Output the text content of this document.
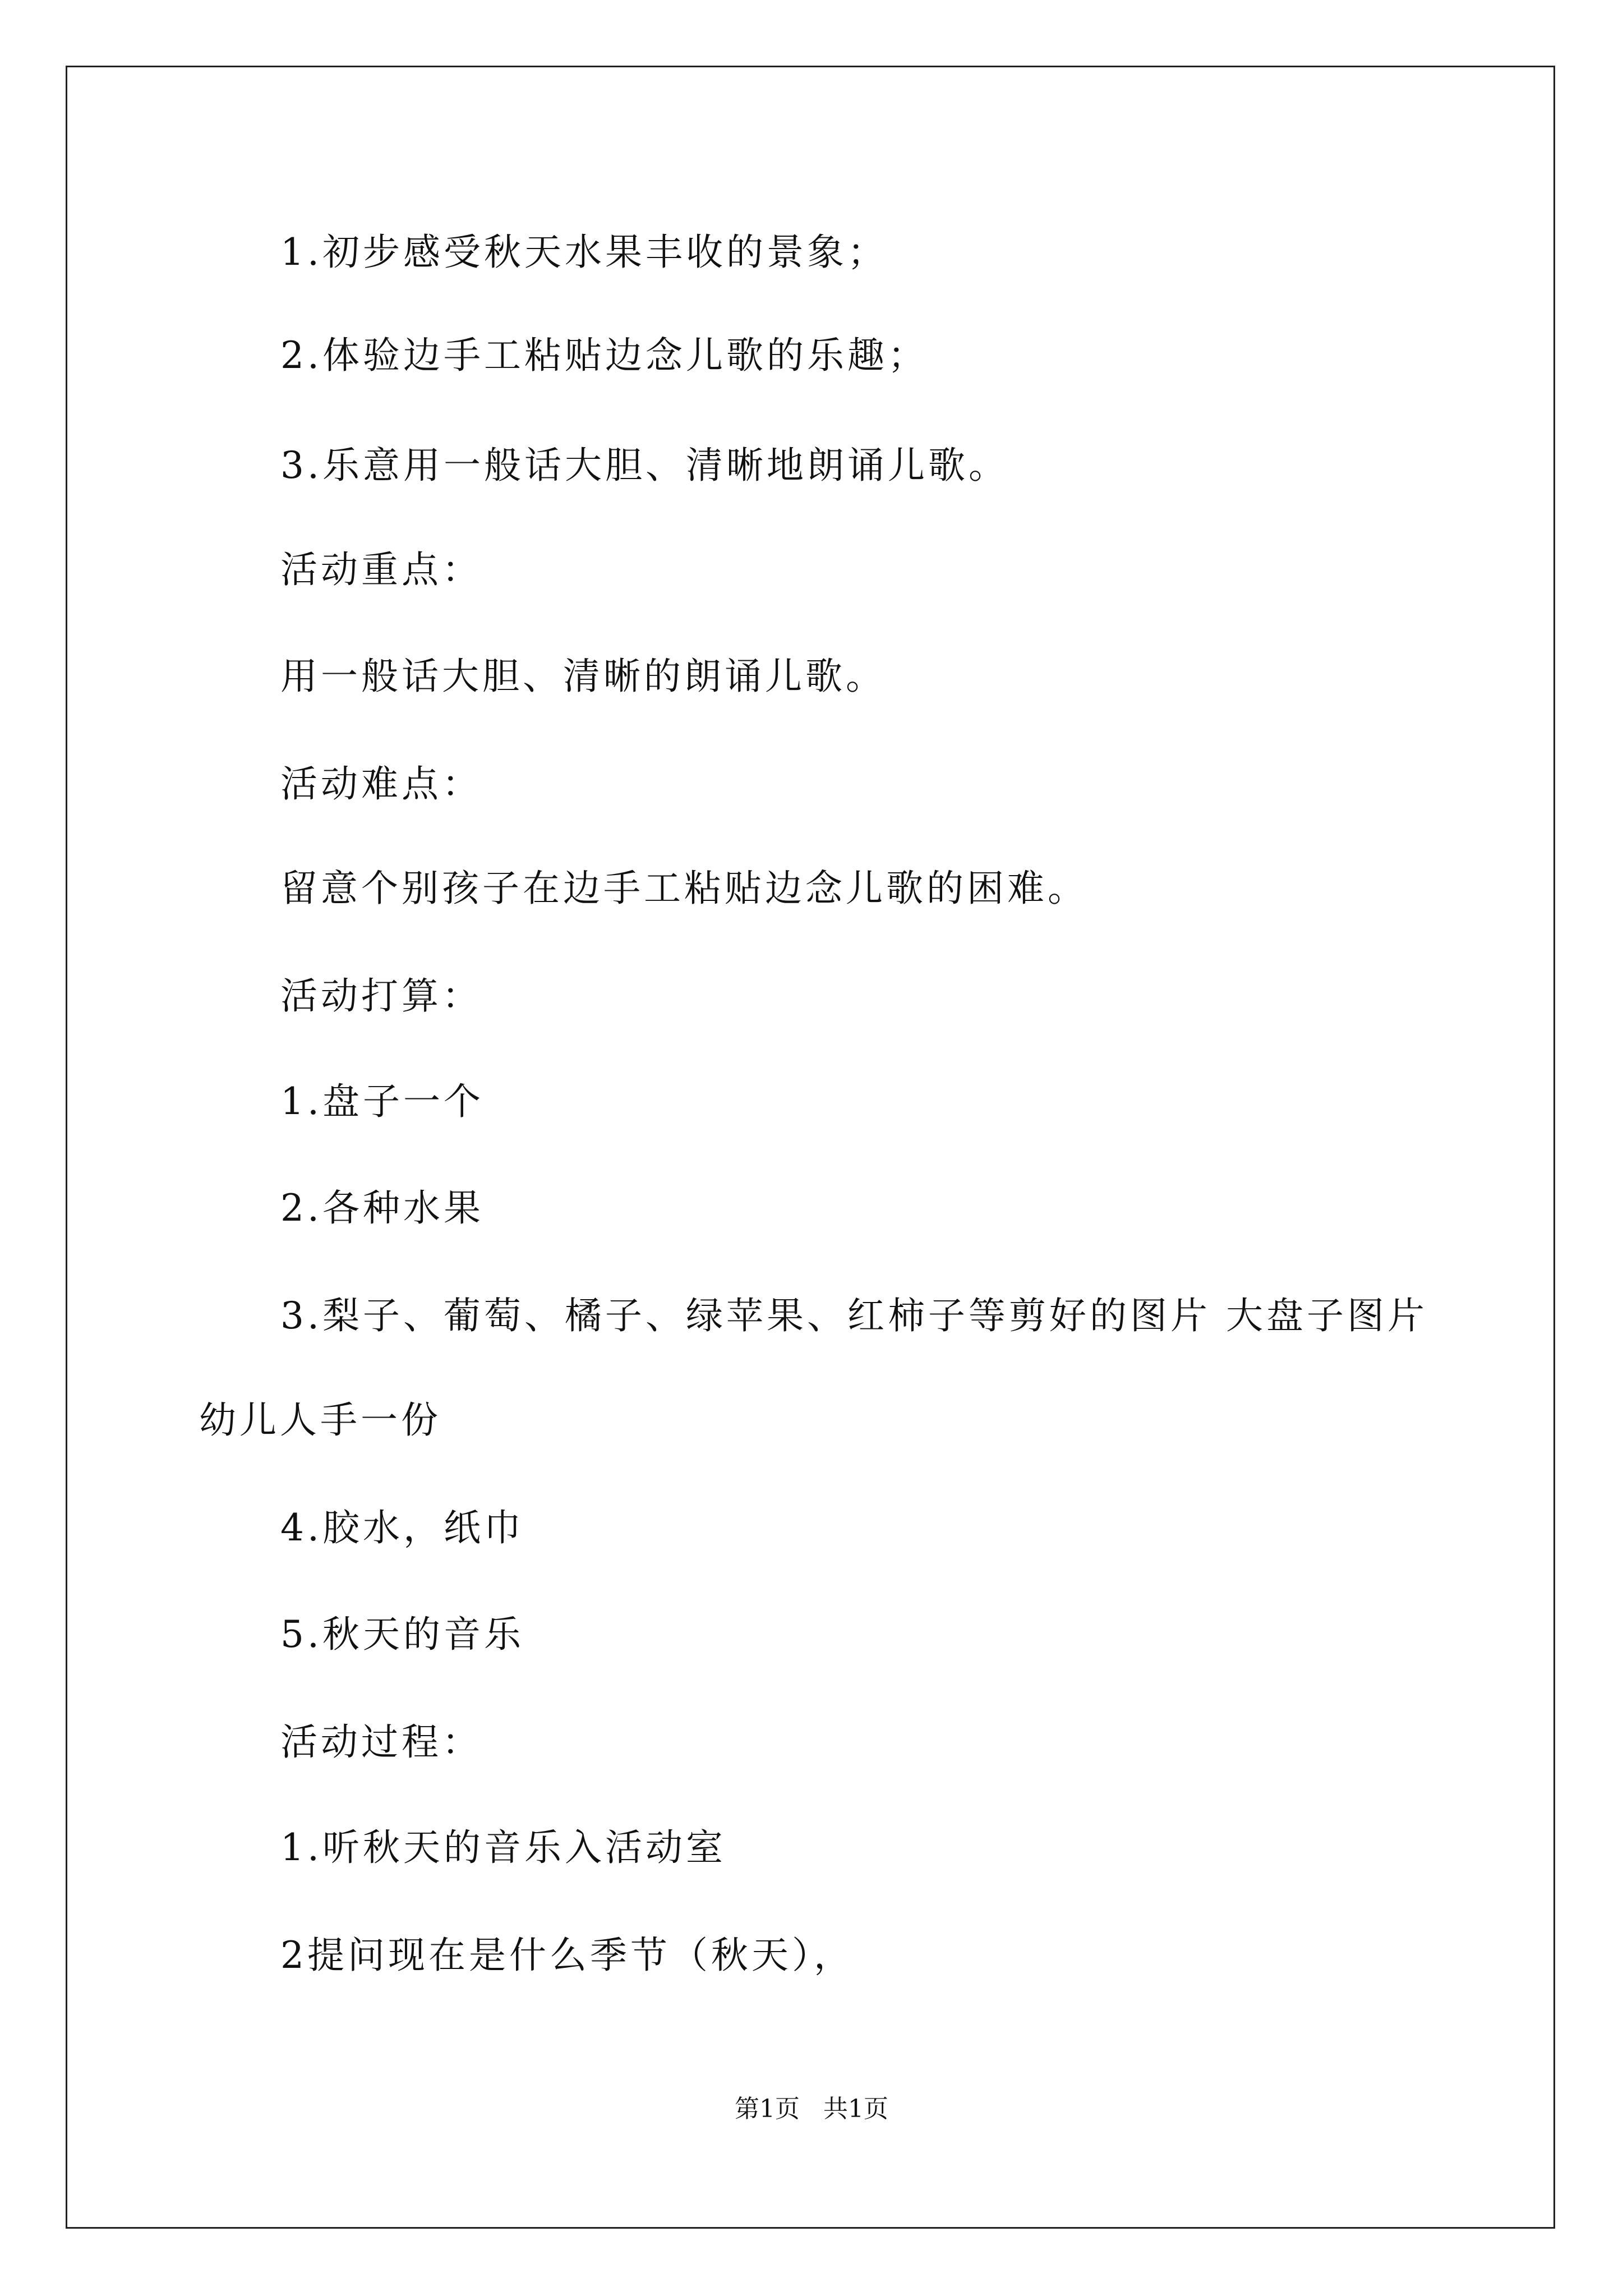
1.初步感受秋天水果丰收的景象；
2.体验边手工粘贴边念儿歌的乐趣；
3.乐意用一般话大胆、清晰地朗诵儿歌。
活动重点：
用一般话大胆、清晰的朗诵儿歌。
活动难点：
留意个别孩子在边手工粘贴边念儿歌的困难。
活动打算：
1.盘子一个
2.各种水果
3.梨子、葡萄、橘子、绿苹果、红柿子等剪好的图片 大盘子图片
幼儿人手一份
4.胶水，纸巾
5.秋天的音乐
活动过程：
1.听秋天的音乐入活动室
2提问现在是什么季节（秋天），
第1页   共1页
